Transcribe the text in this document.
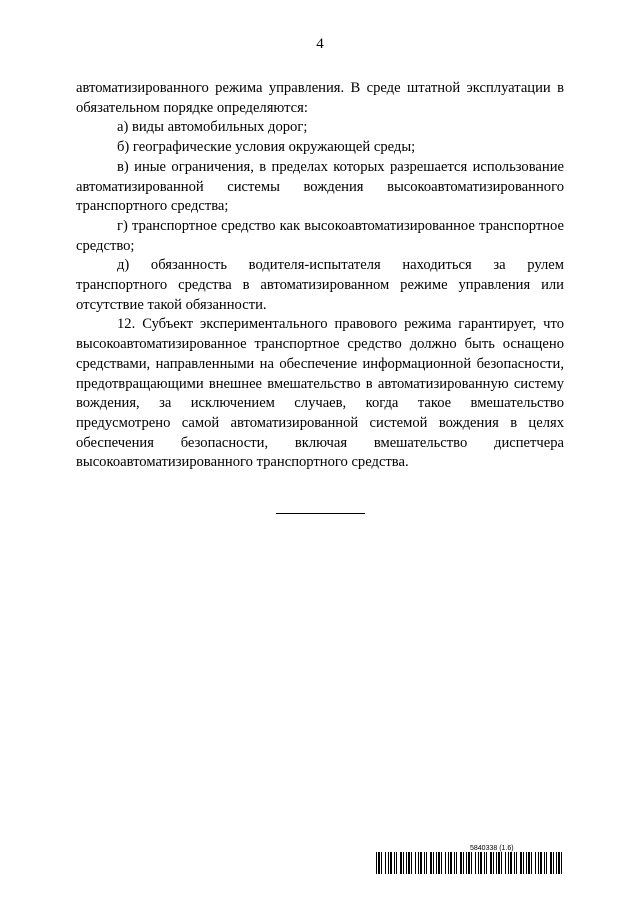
4

автоматизированного режима управления. В среде штатной эксплуатации в обязательном порядке определяются:

а) виды автомобильных дорог;

б) географические условия окружающей среды;

в) иные ограничения, в пределах которых разрешается использование автоматизированной системы вождения высокоавтоматизированного транспортного средства;

г) транспортное средство как высокоавтоматизированное транспортное средство;

д) обязанность водителя-испытателя находиться за рулем транспортного средства в автоматизированном режиме управления или отсутствие такой обязанности.

12. Субъект экспериментального правового режима гарантирует, что высокоавтоматизированное транспортное средство должно быть оснащено средствами, направленными на обеспечение информационной безопасности, предотвращающими внешнее вмешательство в автоматизированную систему вождения, за исключением случаев, когда такое вмешательство предусмотрено самой автоматизированной системой вождения в целях обеспечения безопасности, включая вмешательство диспетчера высокоавтоматизированного транспортного средства.

5840338 (1.6)
